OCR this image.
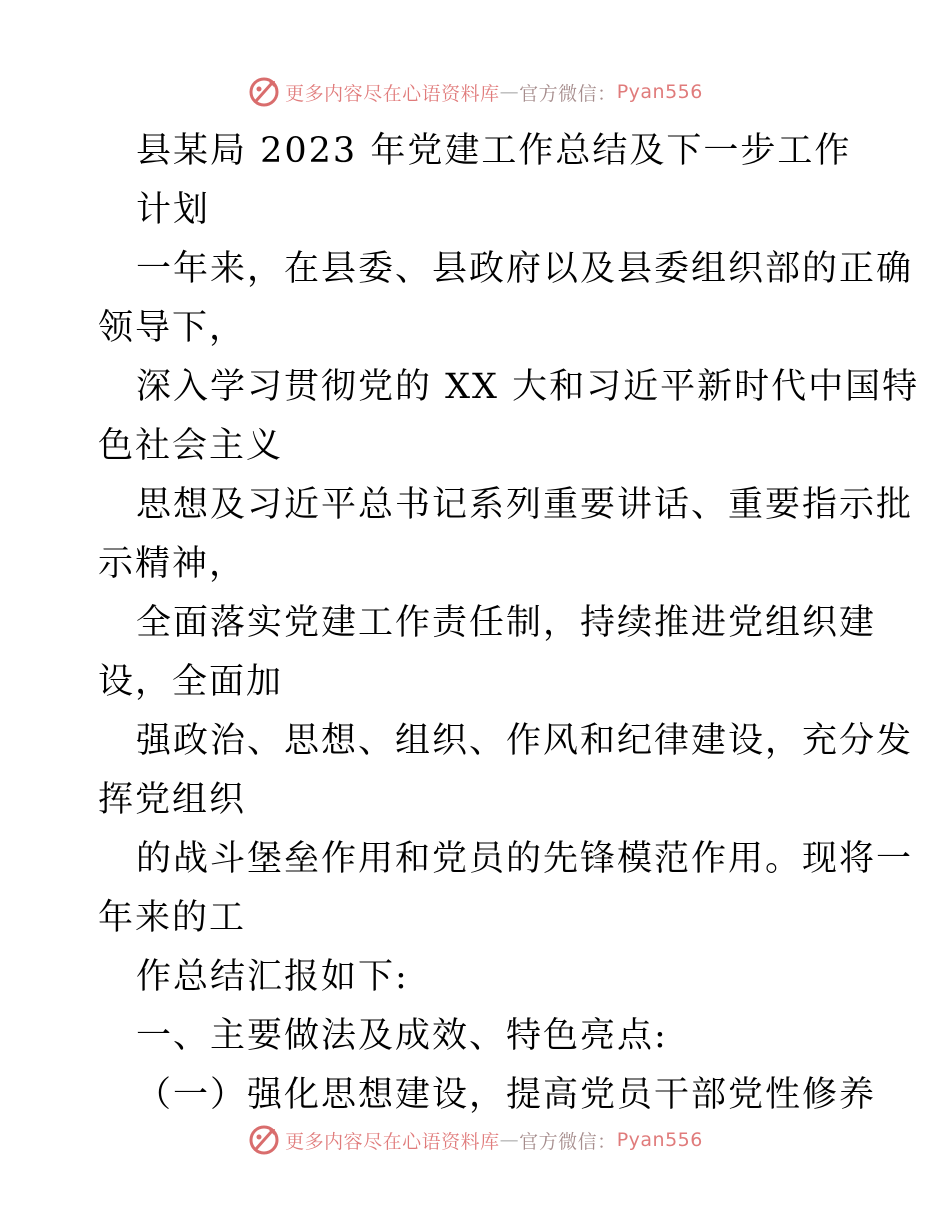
更多内容尽在心语资料库 — 官方微信： Pyan556
县某局 2023 年党建工作总结及下一步工作
计划
一年来，在县委、县政府以及县委组织部的正确
领导下，
深入学习贯彻党的 XX 大和习近平新时代中国特
色社会主义
思想及习近平总书记系列重要讲话、重要指示批
示精神，
全面落实党建工作责任制，持续推进党组织建
设，全面加
强政治、思想、组织、作风和纪律建设，充分发
挥党组织
的战斗堡垒作用和党员的先锋模范作用。现将一
年来的工
作总结汇报如下:
一、主要做法及成效、特色亮点:
（一）强化思想建设，提高党员干部党性修养
更多内容尽在心语资料库 — 官方微信： Pyan556
